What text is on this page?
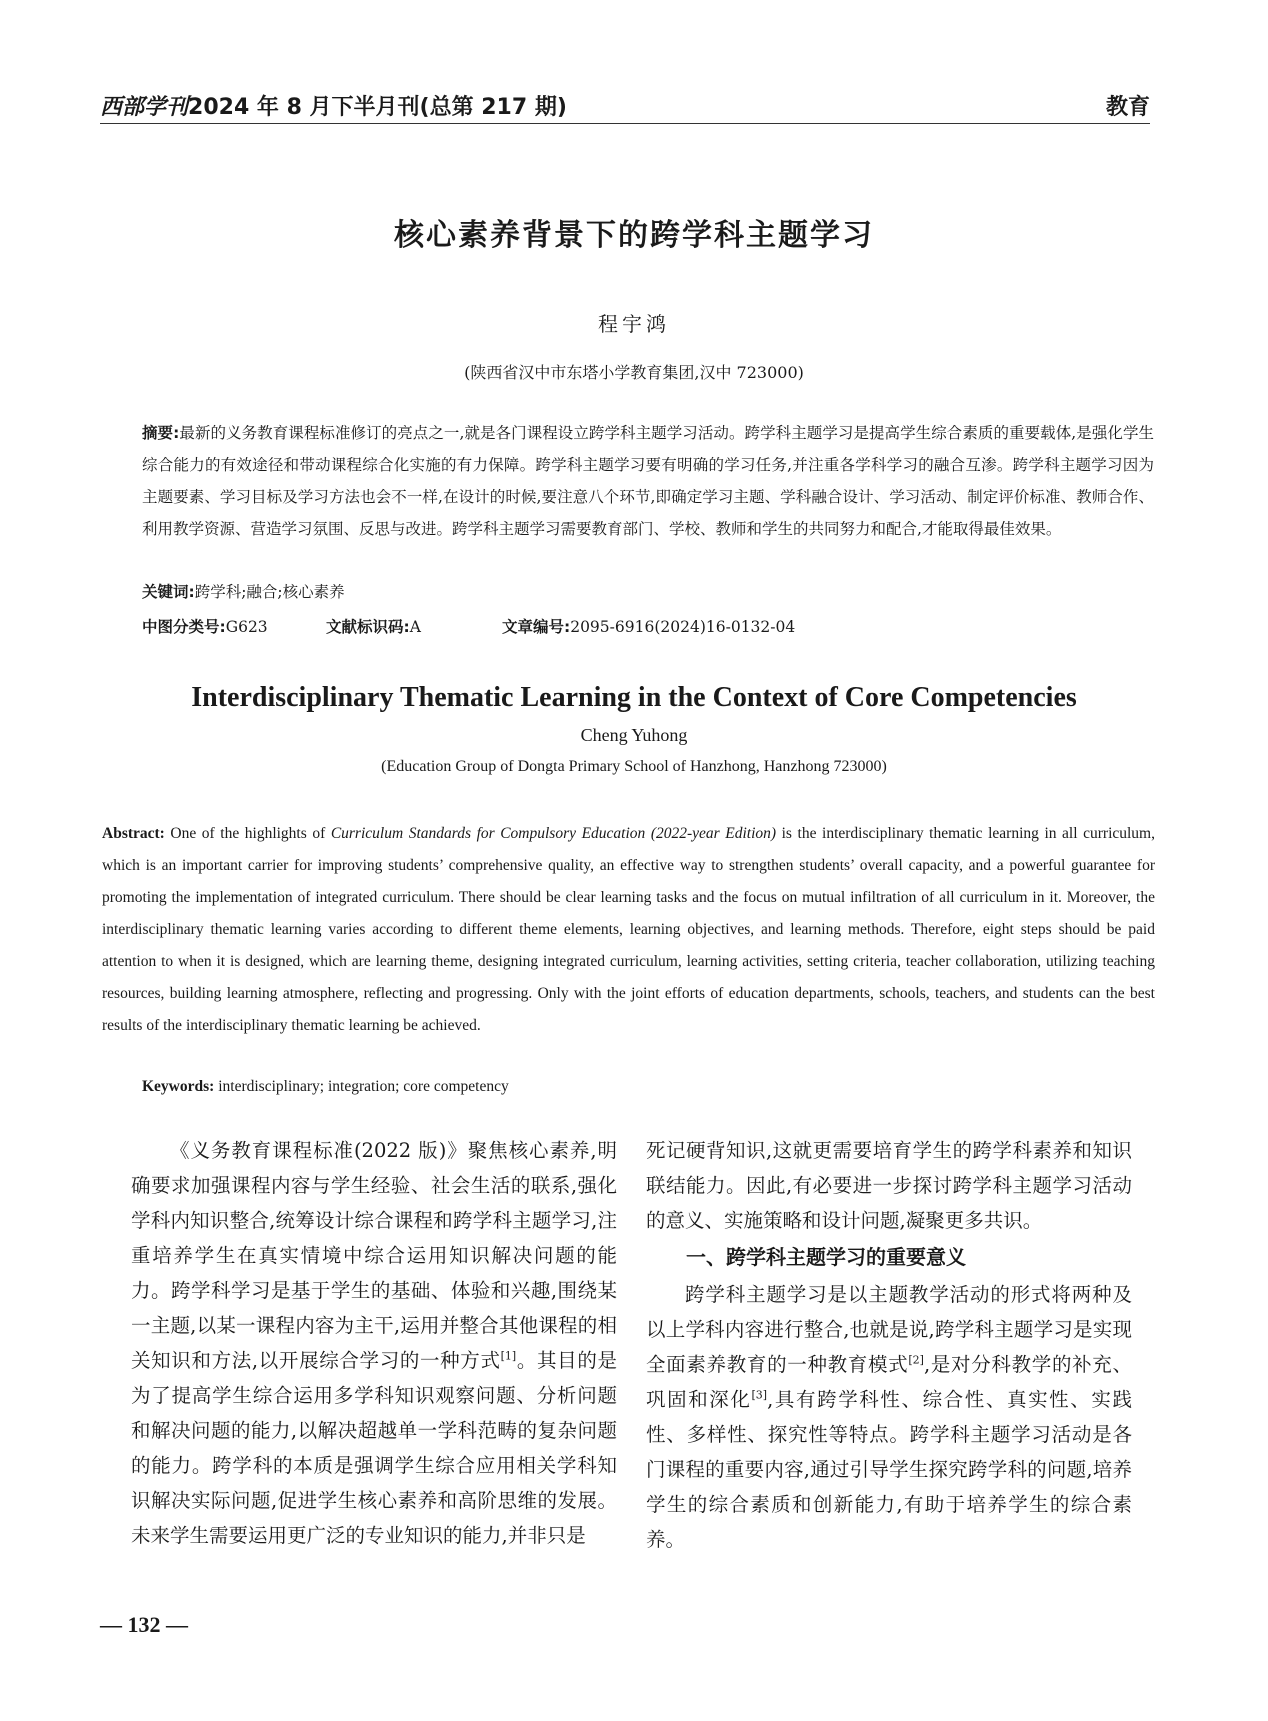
西部学刊2024 年 8 月下半月刊(总第 217 期)	教育
核心素养背景下的跨学科主题学习
程宇鸿
(陕西省汉中市东塔小学教育集团,汉中 723000)
摘要:最新的义务教育课程标准修订的亮点之一,就是各门课程设立跨学科主题学习活动。跨学科主题学习是提高学生综合素质的重要载体,是强化学生综合能力的有效途径和带动课程综合化实施的有力保障。跨学科主题学习要有明确的学习任务,并注重各学科学习的融合互渗。跨学科主题学习因为主题要素、学习目标及学习方法也会不一样,在设计的时候,要注意八个环节,即确定学习主题、学科融合设计、学习活动、制定评价标准、教师合作、利用教学资源、营造学习氛围、反思与改进。跨学科主题学习需要教育部门、学校、教师和学生的共同努力和配合,才能取得最佳效果。
关键词:跨学科;融合;核心素养
中图分类号:G623	文献标识码:A	文章编号:2095-6916(2024)16-0132-04
Interdisciplinary Thematic Learning in the Context of Core Competencies
Cheng Yuhong
(Education Group of Dongta Primary School of Hanzhong, Hanzhong 723000)
Abstract: One of the highlights of Curriculum Standards for Compulsory Education (2022-year Edition) is the interdisciplinary thematic learning in all curriculum, which is an important carrier for improving students’ comprehensive quality, an effective way to strengthen students’ overall capacity, and a powerful guarantee for promoting the implementation of integrated curriculum. There should be clear learning tasks and the focus on mutual infiltration of all curriculum in it. Moreover, the interdisciplinary thematic learning varies according to different theme elements, learning objectives, and learning methods. Therefore, eight steps should be paid attention to when it is designed, which are learning theme, designing integrated curriculum, learning activities, setting criteria, teacher collaboration, utilizing teaching resources, building learning atmosphere, reflecting and progressing. Only with the joint efforts of education departments, schools, teachers, and students can the best results of the interdisciplinary thematic learning be achieved.
Keywords: interdisciplinary; integration; core competency

《义务教育课程标准(2022 版)》聚焦核心素养,明确要求加强课程内容与学生经验、社会生活的联系,强化学科内知识整合,统筹设计综合课程和跨学科主题学习,注重培养学生在真实情境中综合运用知识解决问题的能力。跨学科学习是基于学生的基础、体验和兴趣,围绕某一主题,以某一课程内容为主干,运用并整合其他课程的相关知识和方法,以开展综合学习的一种方式[1]。其目的是为了提高学生综合运用多学科知识观察问题、分析问题和解决问题的能力,以解决超越单一学科范畴的复杂问题的能力。跨学科的本质是强调学生综合应用相关学科知识解决实际问题,促进学生核心素养和高阶思维的发展。未来学生需要运用更广泛的专业知识的能力,并非只是

死记硬背知识,这就更需要培育学生的跨学科素养和知识联结能力。因此,有必要进一步探讨跨学科主题学习活动的意义、实施策略和设计问题,凝聚更多共识。

一、跨学科主题学习的重要意义

跨学科主题学习是以主题教学活动的形式将两种及以上学科内容进行整合,也就是说,跨学科主题学习是实现全面素养教育的一种教育模式[2],是对分科教学的补充、巩固和深化[3],具有跨学科性、综合性、真实性、实践性、多样性、探究性等特点。跨学科主题学习活动是各门课程的重要内容,通过引导学生探究跨学科的问题,培养学生的综合素质和创新能力,有助于培养学生的综合素养。

— 132 —
